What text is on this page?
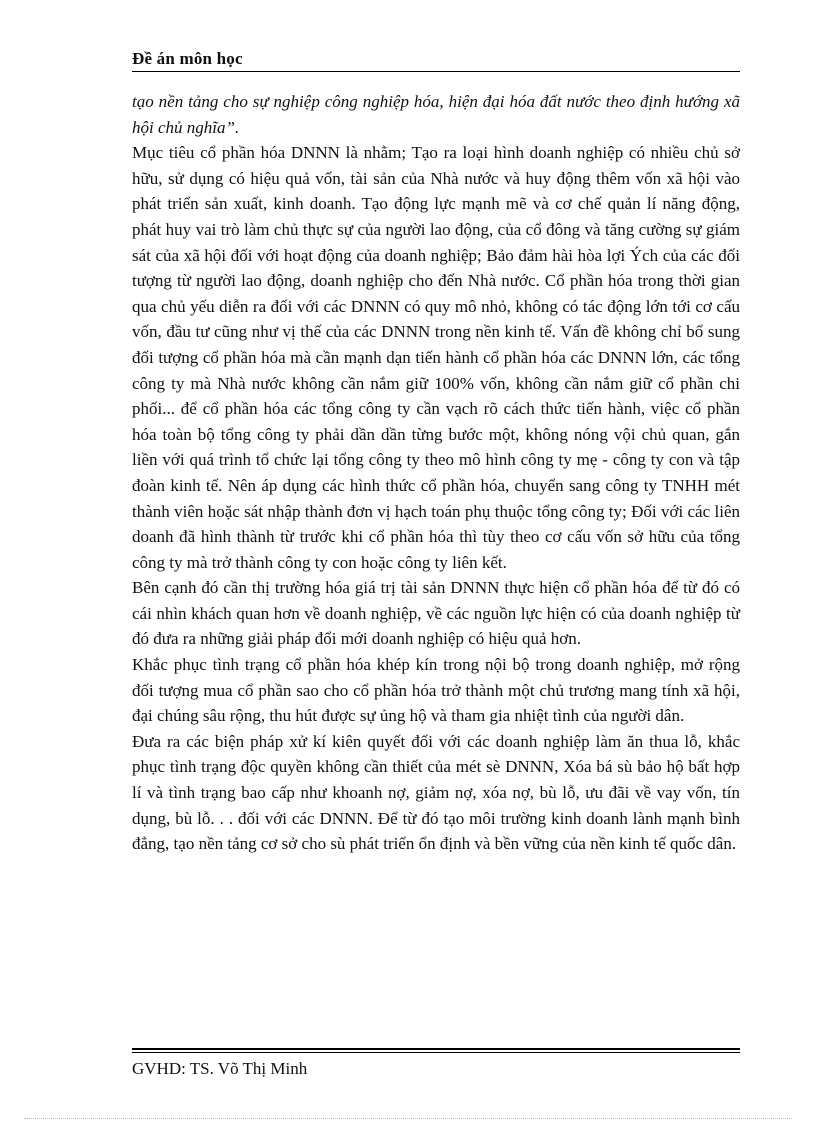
Đề án môn học

tạo nền tảng cho sự nghiệp công nghiệp hóa, hiện đại hóa đất nước theo định hướng xã hội chủ nghĩa”.

Mục tiêu cổ phần hóa DNNN là nhằm; Tạo ra loại hình doanh nghiệp có nhiều chủ sở hữu, sử dụng có hiệu quả vốn, tài sản của Nhà nước và huy động thêm vốn xã hội vào phát triển sản xuất, kinh doanh. Tạo động lực mạnh mẽ và cơ chế quản lí năng động, phát huy vai trò làm chủ thực sự của người lao động, của cổ đông và tăng cường sự giám sát của xã hội đối với hoạt động của doanh nghiệp; Bảo đảm hài hòa lợi Ých của các đối tượng từ người lao động, doanh nghiệp cho đến Nhà nước. Cổ phần hóa trong thời gian qua chủ yếu diễn ra đối với các DNNN có quy mô nhỏ, không có tác động lớn tới cơ cấu vốn, đầu tư cũng như vị thế của các DNNN trong nền kinh tế. Vấn đề không chỉ bổ sung đối tượng cổ phần hóa mà cần mạnh dạn tiến hành cổ phần hóa các DNNN lớn, các tổng công ty mà Nhà nước không cần nắm giữ 100% vốn, không cần nắm giữ cổ phần chi phối... để cổ phần hóa các tổng công ty cần vạch rõ cách thức tiến hành, việc cổ phần hóa toàn bộ tổng công ty phải dần dần từng bước một, không nóng vội chủ quan, gắn liền với quá trình tổ chức lại tổng công ty theo mô hình công ty mẹ - công ty con và tập đoàn kinh tế. Nên áp dụng các hình thức cổ phần hóa, chuyển sang công ty TNHH mét thành viên hoặc sát nhập thành đơn vị hạch toán phụ thuộc tổng công ty; Đối với các liên doanh đã hình thành từ trước khi cổ phần hóa thì tùy theo cơ cấu vốn sở hữu của tổng công ty mà trở thành công ty con hoặc công ty liên kết.

Bên cạnh đó cần thị trường hóa giá trị tài sản DNNN thực hiện cổ phần hóa để từ đó có cái nhìn khách quan hơn về doanh nghiệp, về các nguồn lực hiện có của doanh nghiệp từ đó đưa ra những giải pháp đổi mới doanh nghiệp có hiệu quả hơn.

Khắc phục tình trạng cổ phần hóa khép kín trong nội bộ trong doanh nghiệp, mở rộng đối tượng mua cổ phần sao cho cổ phần hóa trở thành một chủ trương mang tính xã hội, đại chúng sâu rộng, thu hút được sự ủng hộ và tham gia nhiệt tình của người dân.

Đưa ra các biện pháp xử kí kiên quyết đối với các doanh nghiệp làm ăn thua lỗ, khắc phục tình trạng độc quyền không cần thiết của mét sè DNNN, Xóa bá sù bảo hộ bất hợp lí và tình trạng bao cấp như khoanh nợ, giảm nợ, xóa nợ, bù lỗ, ưu đãi về vay vốn, tín dụng, bù lỗ. . . đối với các DNNN. Để từ đó tạo môi trường kinh doanh lành mạnh bình đẳng, tạo nền tảng cơ sở cho sù phát triển ổn định và bền vững của nền kinh tế quốc dân.

GVHD: TS. Võ Thị Minh
